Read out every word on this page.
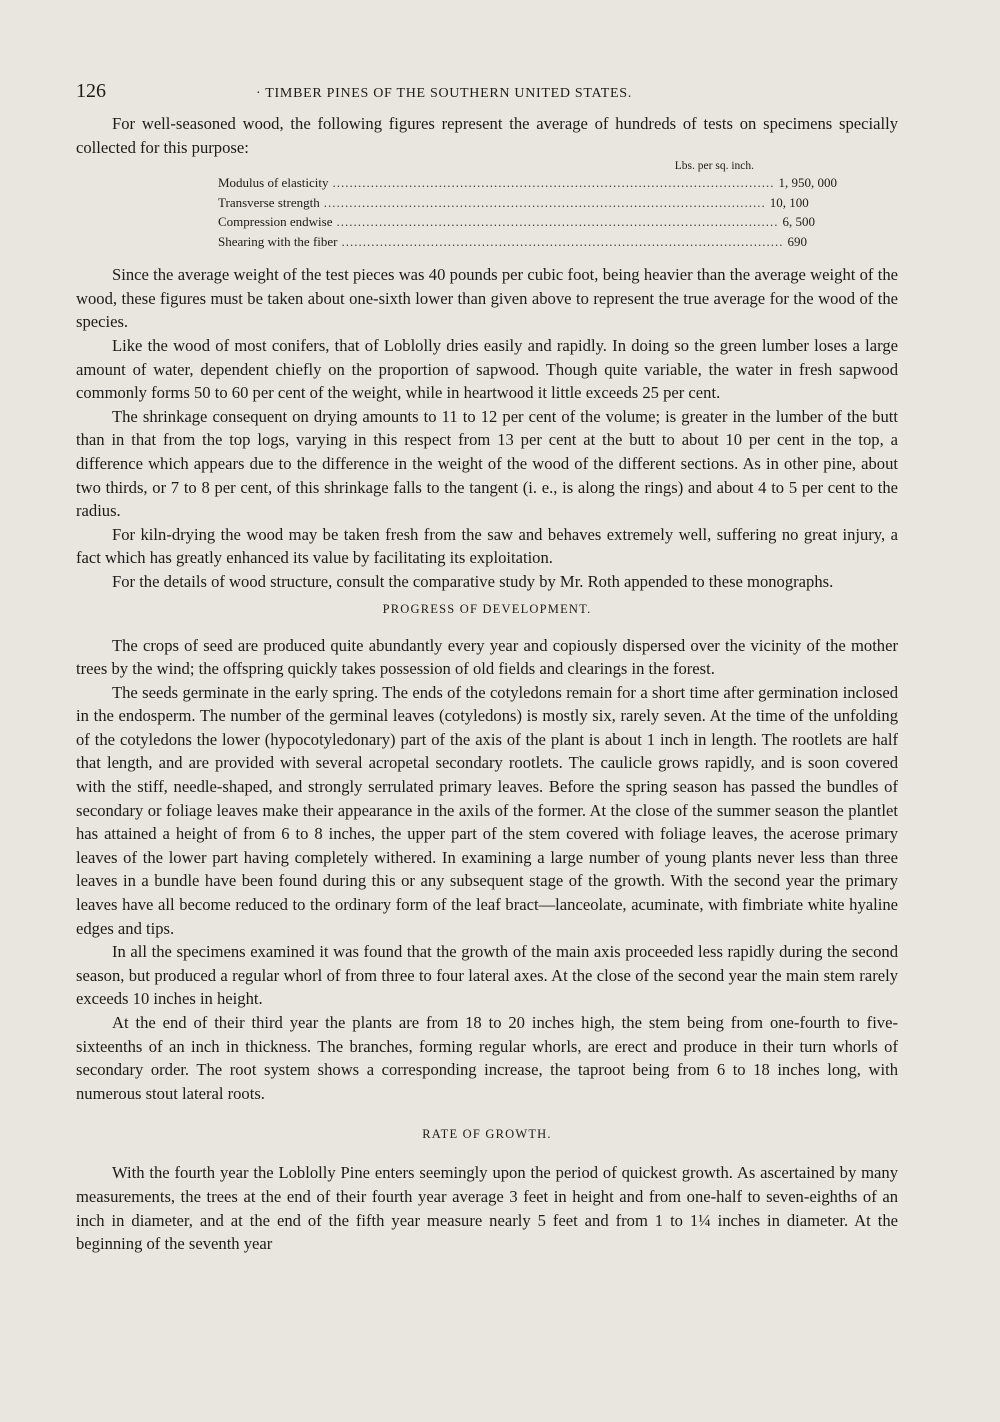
126	· TIMBER PINES OF THE SOUTHERN UNITED STATES.

For well-seasoned wood, the following figures represent the average of hundreds of tests on specimens specially collected for this purpose:

Lbs. per sq. inch.
Modulus of elasticity ........................................................................................................ 1, 950, 000
Transverse strength ........................................................................................................ 10, 100
Compression endwise ........................................................................................................ 6, 500
Shearing with the fiber ........................................................................................................ 690

Since the average weight of the test pieces was 40 pounds per cubic foot, being heavier than the average weight of the wood, these figures must be taken about one-sixth lower than given above to represent the true average for the wood of the species.

Like the wood of most conifers, that of Loblolly dries easily and rapidly. In doing so the green lumber loses a large amount of water, dependent chiefly on the proportion of sapwood. Though quite variable, the water in fresh sapwood commonly forms 50 to 60 per cent of the weight, while in heartwood it little exceeds 25 per cent.

The shrinkage consequent on drying amounts to 11 to 12 per cent of the volume; is greater in the lumber of the butt than in that from the top logs, varying in this respect from 13 per cent at the butt to about 10 per cent in the top, a difference which appears due to the difference in the weight of the wood of the different sections. As in other pine, about two thirds, or 7 to 8 per cent, of this shrinkage falls to the tangent (i. e., is along the rings) and about 4 to 5 per cent to the radius.

For kiln-drying the wood may be taken fresh from the saw and behaves extremely well, suffering no great injury, a fact which has greatly enhanced its value by facilitating its exploitation.

For the details of wood structure, consult the comparative study by Mr. Roth appended to these monographs.

PROGRESS OF DEVELOPMENT.

The crops of seed are produced quite abundantly every year and copiously dispersed over the vicinity of the mother trees by the wind; the offspring quickly takes possession of old fields and clearings in the forest.

The seeds germinate in the early spring. The ends of the cotyledons remain for a short time after germination inclosed in the endosperm. The number of the germinal leaves (cotyledons) is mostly six, rarely seven. At the time of the unfolding of the cotyledons the lower (hypocotyledonary) part of the axis of the plant is about 1 inch in length. The rootlets are half that length, and are provided with several acropetal secondary rootlets. The caulicle grows rapidly, and is soon covered with the stiff, needle-shaped, and strongly serrulated primary leaves. Before the spring season has passed the bundles of secondary or foliage leaves make their appearance in the axils of the former. At the close of the summer season the plantlet has attained a height of from 6 to 8 inches, the upper part of the stem covered with foliage leaves, the acerose primary leaves of the lower part having completely withered. In examining a large number of young plants never less than three leaves in a bundle have been found during this or any subsequent stage of the growth. With the second year the primary leaves have all become reduced to the ordinary form of the leaf bract—lanceolate, acuminate, with fimbriate white hyaline edges and tips.

In all the specimens examined it was found that the growth of the main axis proceeded less rapidly during the second season, but produced a regular whorl of from three to four lateral axes. At the close of the second year the main stem rarely exceeds 10 inches in height.

At the end of their third year the plants are from 18 to 20 inches high, the stem being from one-fourth to five-sixteenths of an inch in thickness. The branches, forming regular whorls, are erect and produce in their turn whorls of secondary order. The root system shows a corresponding increase, the taproot being from 6 to 18 inches long, with numerous stout lateral roots.

RATE OF GROWTH.

With the fourth year the Loblolly Pine enters seemingly upon the period of quickest growth. As ascertained by many measurements, the trees at the end of their fourth year average 3 feet in height and from one-half to seven-eighths of an inch in diameter, and at the end of the fifth year measure nearly 5 feet and from 1 to 1¼ inches in diameter. At the beginning of the seventh year
